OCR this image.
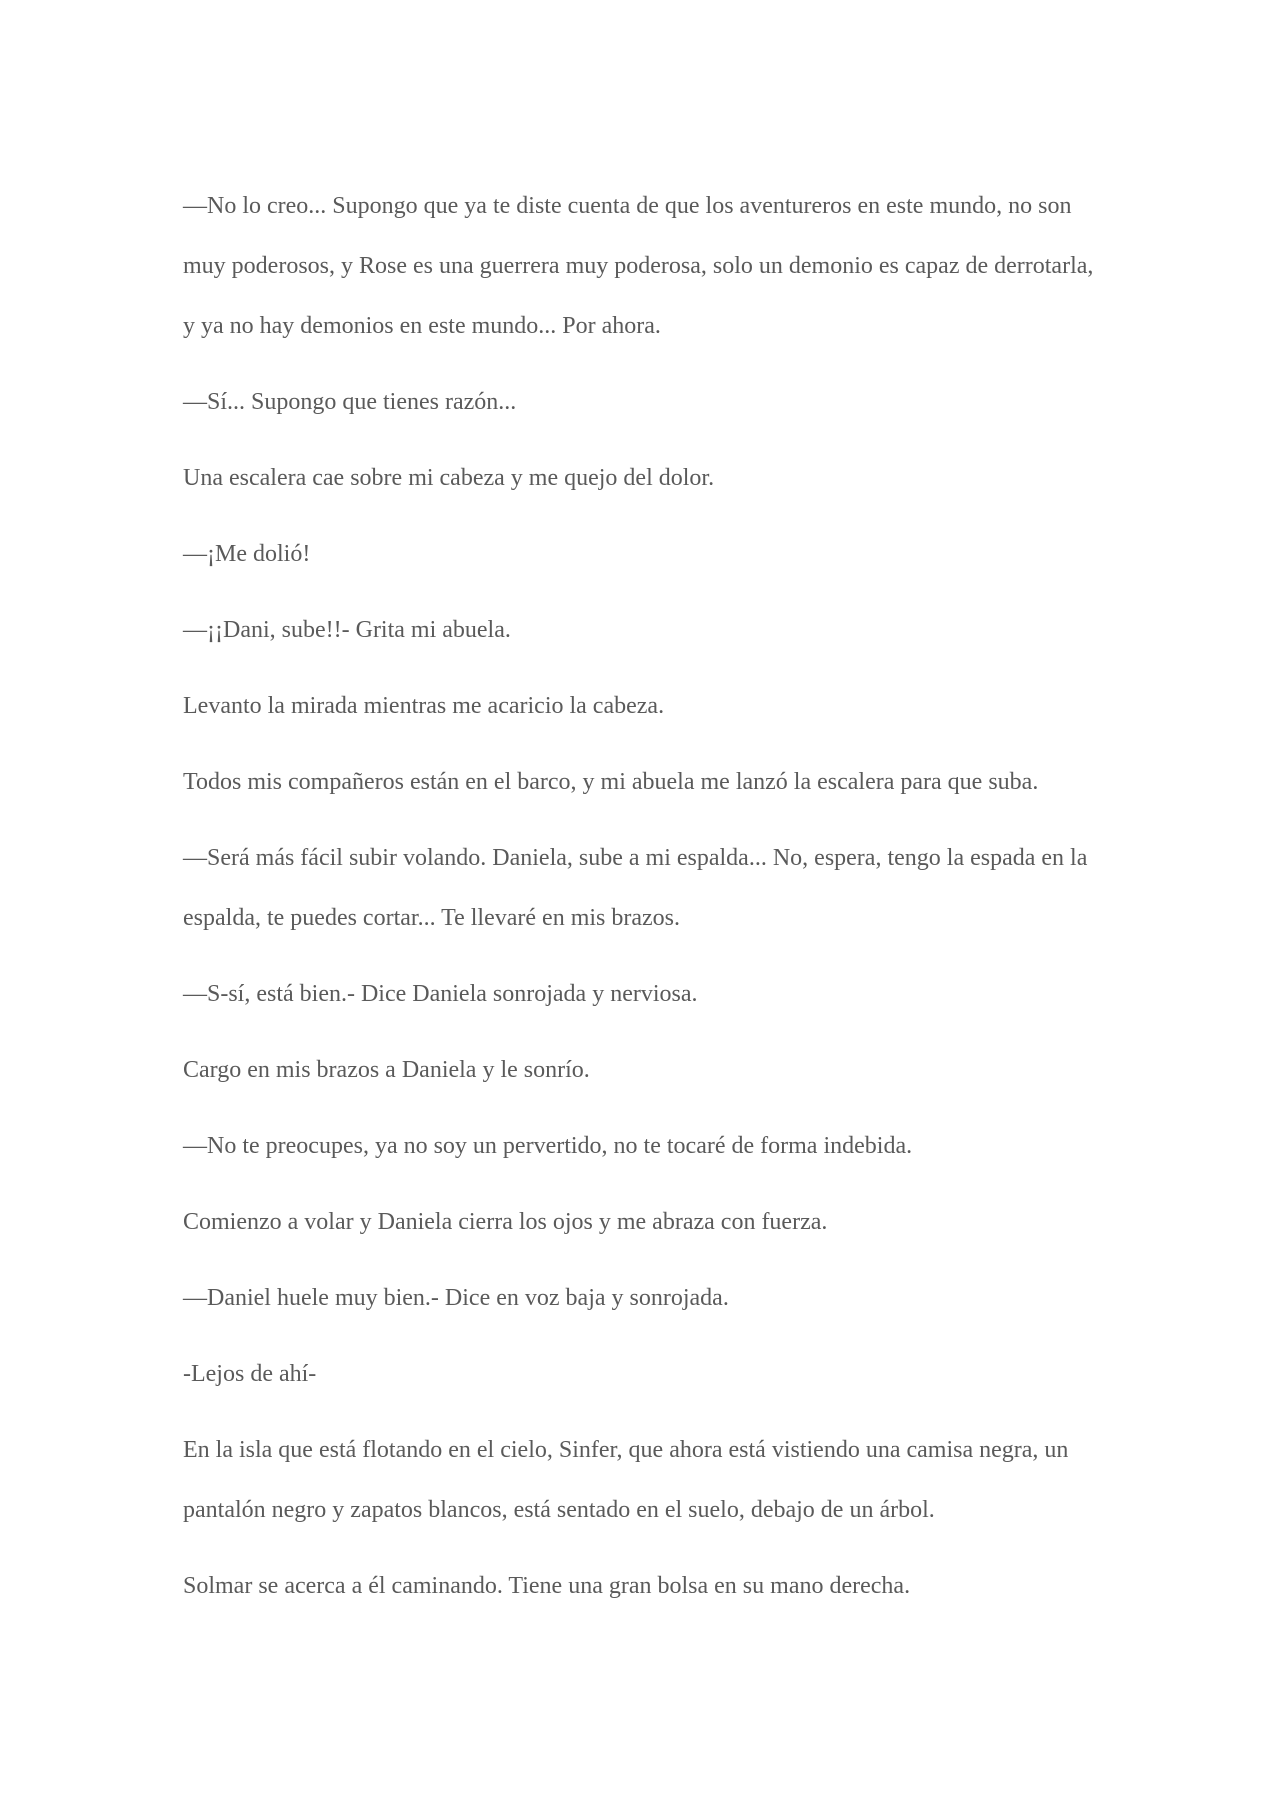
—No lo creo... Supongo que ya te diste cuenta de que los aventureros en este mundo, no son muy poderosos, y Rose es una guerrera muy poderosa, solo un demonio es capaz de derrotarla, y ya no hay demonios en este mundo... Por ahora.

—Sí... Supongo que tienes razón...

Una escalera cae sobre mi cabeza y me quejo del dolor.

—¡Me dolió!

—¡¡Dani, sube!!- Grita mi abuela.

Levanto la mirada mientras me acaricio la cabeza.

Todos mis compañeros están en el barco, y mi abuela me lanzó la escalera para que suba.

—Será más fácil subir volando. Daniela, sube a mi espalda... No, espera, tengo la espada en la espalda, te puedes cortar... Te llevaré en mis brazos.

—S-sí, está bien.- Dice Daniela sonrojada y nerviosa.

Cargo en mis brazos a Daniela y le sonrío.

—No te preocupes, ya no soy un pervertido, no te tocaré de forma indebida.

Comienzo a volar y Daniela cierra los ojos y me abraza con fuerza.

—Daniel huele muy bien.- Dice en voz baja y sonrojada.

-Lejos de ahí-

En la isla que está flotando en el cielo, Sinfer, que ahora está vistiendo una camisa negra, un pantalón negro y zapatos blancos, está sentado en el suelo, debajo de un árbol.

Solmar se acerca a él caminando. Tiene una gran bolsa en su mano derecha.
